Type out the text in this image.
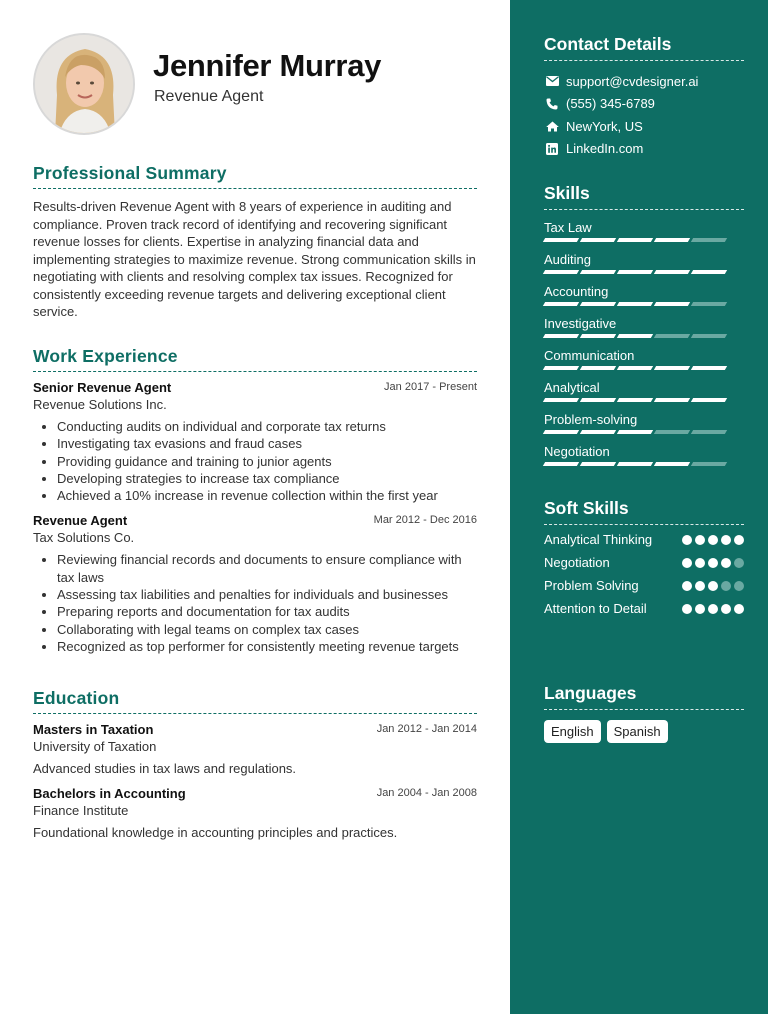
Jennifer Murray
Revenue Agent
Professional Summary
Results-driven Revenue Agent with 8 years of experience in auditing and compliance. Proven track record of identifying and recovering significant revenue losses for clients. Expertise in analyzing financial data and implementing strategies to maximize revenue. Strong communication skills in negotiating with clients and resolving complex tax issues. Recognized for consistently exceeding revenue targets and delivering exceptional client service.
Work Experience
Senior Revenue Agent	Jan 2017 - Present
Revenue Solutions Inc.
• Conducting audits on individual and corporate tax returns
• Investigating tax evasions and fraud cases
• Providing guidance and training to junior agents
• Developing strategies to increase tax compliance
• Achieved a 10% increase in revenue collection within the first year
Revenue Agent	Mar 2012 - Dec 2016
Tax Solutions Co.
• Reviewing financial records and documents to ensure compliance with tax laws
• Assessing tax liabilities and penalties for individuals and businesses
• Preparing reports and documentation for tax audits
• Collaborating with legal teams on complex tax cases
• Recognized as top performer for consistently meeting revenue targets
Education
Masters in Taxation	Jan 2012 - Jan 2014
University of Taxation
Advanced studies in tax laws and regulations.
Bachelors in Accounting	Jan 2004 - Jan 2008
Finance Institute
Foundational knowledge in accounting principles and practices.
Contact Details
support@cvdesigner.ai
(555) 345-6789
NewYork, US
LinkedIn.com
Skills
Tax Law
Auditing
Accounting
Investigative
Communication
Analytical
Problem-solving
Negotiation
Soft Skills
Analytical Thinking
Negotiation
Problem Solving
Attention to Detail
Languages
English	Spanish
